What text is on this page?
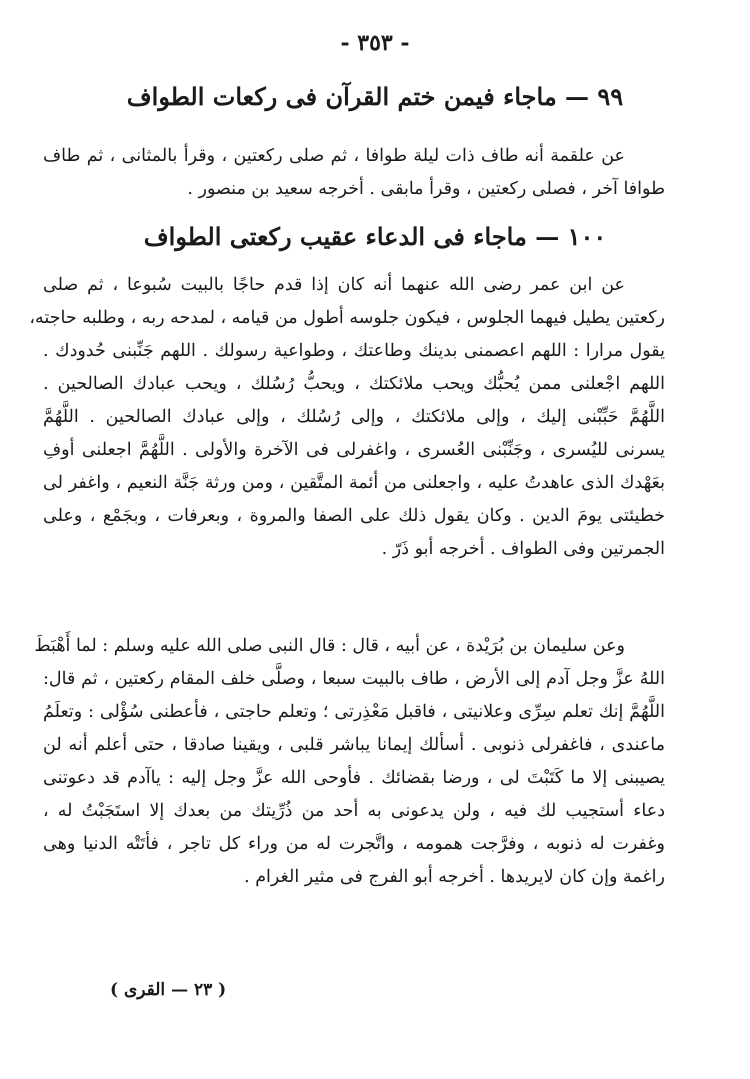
- ٣٥٣ -
٩٩ — ماجاء فيمن ختم القرآن فى ركعات الطواف
عن علقمة أنه طاف ذات ليلة طوافا ، ثم صلى ركعتين ، وقرأ بالمثانى ، ثم طاف
طوافا آخر ، فصلى ركعتين ، وقرأ مابقى . أخرجه سعيد بن منصور .
١٠٠ — ماجاء فى الدعاء عقيب ركعتى الطواف
عن ابن عمر رضى الله عنهما أنه كان إذا قدم حاجًا بالبيت سُبوعا ، ثم صلى
ركعتين يطيل فيهما الجلوس ، فيكون جلوسه أطول من قيامه ، لمدحه ربه ، وطلبه حاجته،
يقول مرارا : اللهم اعصمنى بدينك وطاعتك ، وطواعية رسولك . اللهم جَنِّبنى حُدودك .
اللهم اجْعلنى ممن يُحبُّك ويحب ملائكتك ، ويحبُّ رُسُلك ، ويحب عبادك الصالحين .
اللَّهُمَّ حَبِّبْنى إليك ، وإلى ملائكتك ، وإلى رُسُلك ، وإلى عبادك الصالحين . اللَّهُمَّ
يسرنى لليُسرى ، وجَنِّبْنى العُسرى ، واغفرلى فى الآخرة والأولى . اللَّهُمَّ اجعلنى أوفِ
بعَهْدك الذى عاهدتُ عليه ، واجعلنى من أئمة المتَّقين ، ومن ورثة جَنَّة النعيم ، واغفر لى
خطيئتى يومَ الدين . وكان يقول ذلك على الصفا والمروة ، وبعرفات ، وبجَمْع ، وعلى
الجمرتين وفى الطواف . أخرجه أبو ذَرّ .
وعن سليمان بن بُرَيْدة ، عن أبيه ، قال : قال النبى صلى الله عليه وسلم : لما أَهْبَطَ
اللهُ عزَّ وجل آدم إلى الأرض ، طاف بالبيت سبعا ، وصلَّى خلف المقام ركعتين ، ثم قال:
اللَّهُمَّ إنك تعلم سِرِّى وعلانيتى ، فاقبل مَعْذِرتى ؛ وتعلم حاجتى ، فأعطنى سُؤْلى : وتعلَمُ
ماعندى ، فاغفرلى ذنوبى . أسألك إيمانا يباشر قلبى ، ويقينا صادقا ، حتى أعلم أنه لن
يصيبنى إلا ما كَتَبْتَ لى ، ورضا بقضائك . فأوحى الله عزَّ وجل إليه : ياآدم قد دعوتنى
دعاء أستجيب لك فيه ، ولن يدعونى به أحد من ذُرِّيتك من بعدك إلا استَجَبْتُ له ،
وغفرت له ذنوبه ، وفرَّجت همومه ، واتَّجرت له من وراء كل تاجر ، فأتَتْه الدنيا وهى
راغمة وإن كان لايريدها . أخرجه أبو الفرج فى مثير الغرام .
( ٢٣ — القرى )
